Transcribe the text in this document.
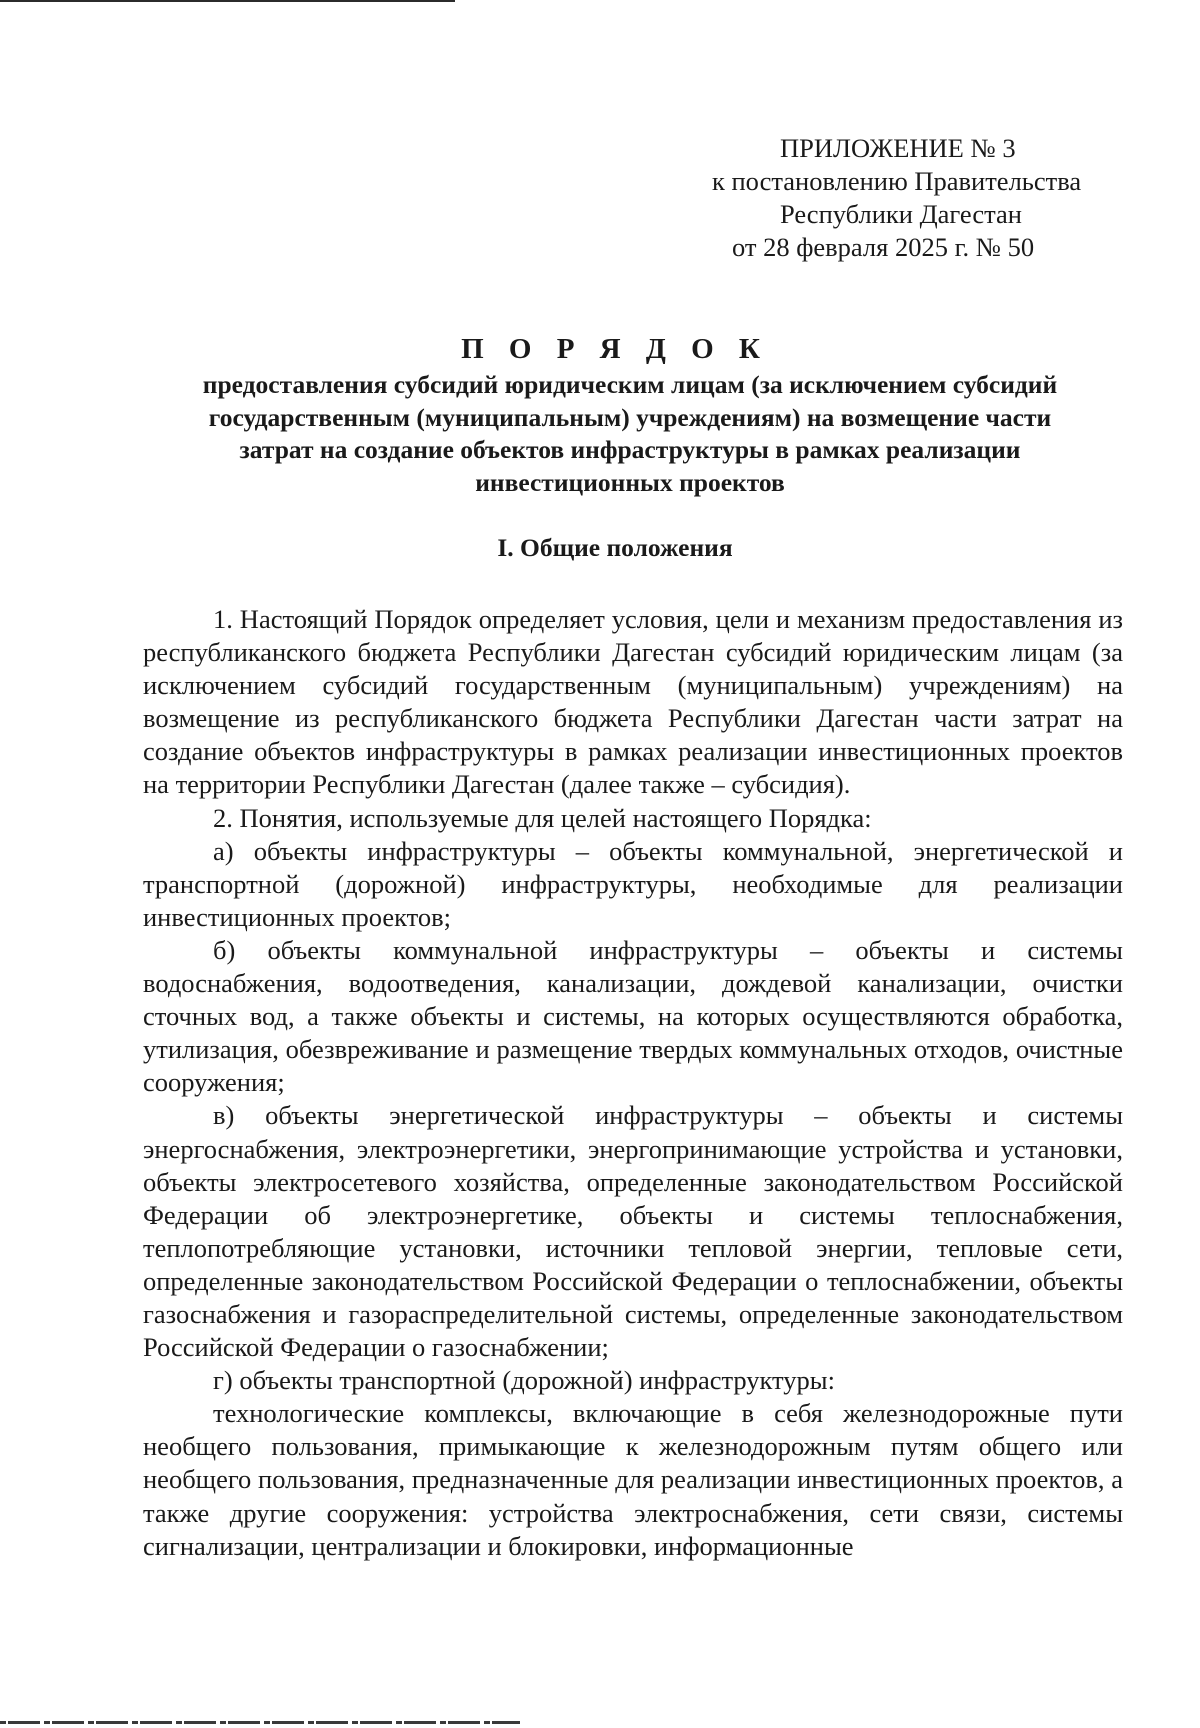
ПРИЛОЖЕНИЕ № 3
к постановлению Правительства
Республики Дагестан
от 28 февраля 2025 г. № 50
П О Р Я Д О К
предоставления субсидий юридическим лицам (за исключением субсидий государственным (муниципальным) учреждениям) на возмещение части затрат на создание объектов инфраструктуры в рамках реализации инвестиционных проектов
I. Общие положения

1. Настоящий Порядок определяет условия, цели и механизм предоставления из республиканского бюджета Республики Дагестан субсидий юридическим лицам (за исключением субсидий государственным (муниципальным) учреждениям) на возмещение из республиканского бюджета Республики Дагестан части затрат на создание объектов инфраструктуры в рамках реализации инвестиционных проектов на территории Республики Дагестан (далее также – субсидия).

2. Понятия, используемые для целей настоящего Порядка:

а) объекты инфраструктуры – объекты коммунальной, энергетической и транспортной (дорожной) инфраструктуры, необходимые для реализации инвестиционных проектов;

б) объекты коммунальной инфраструктуры – объекты и системы водоснабжения, водоотведения, канализации, дождевой канализации, очистки сточных вод, а также объекты и системы, на которых осуществляются обработка, утилизация, обезвреживание и размещение твердых коммунальных отходов, очистные сооружения;

в) объекты энергетической инфраструктуры – объекты и системы энергоснабжения, электроэнергетики, энергопринимающие устройства и установки, объекты электросетевого хозяйства, определенные законодательством Российской Федерации об электроэнергетике, объекты и системы теплоснабжения, теплопотребляющие установки, источники тепловой энергии, тепловые сети, определенные законодательством Российской Федерации о теплоснабжении, объекты газоснабжения и газораспределительной системы, определенные законодательством Российской Федерации о газоснабжении;

г) объекты транспортной (дорожной) инфраструктуры:

технологические комплексы, включающие в себя железнодорожные пути необщего пользования, примыкающие к железнодорожным путям общего или необщего пользования, предназначенные для реализации инвестиционных проектов, а также другие сооружения: устройства электроснабжения, сети связи, системы сигнализации, централизации и блокировки, информационные
